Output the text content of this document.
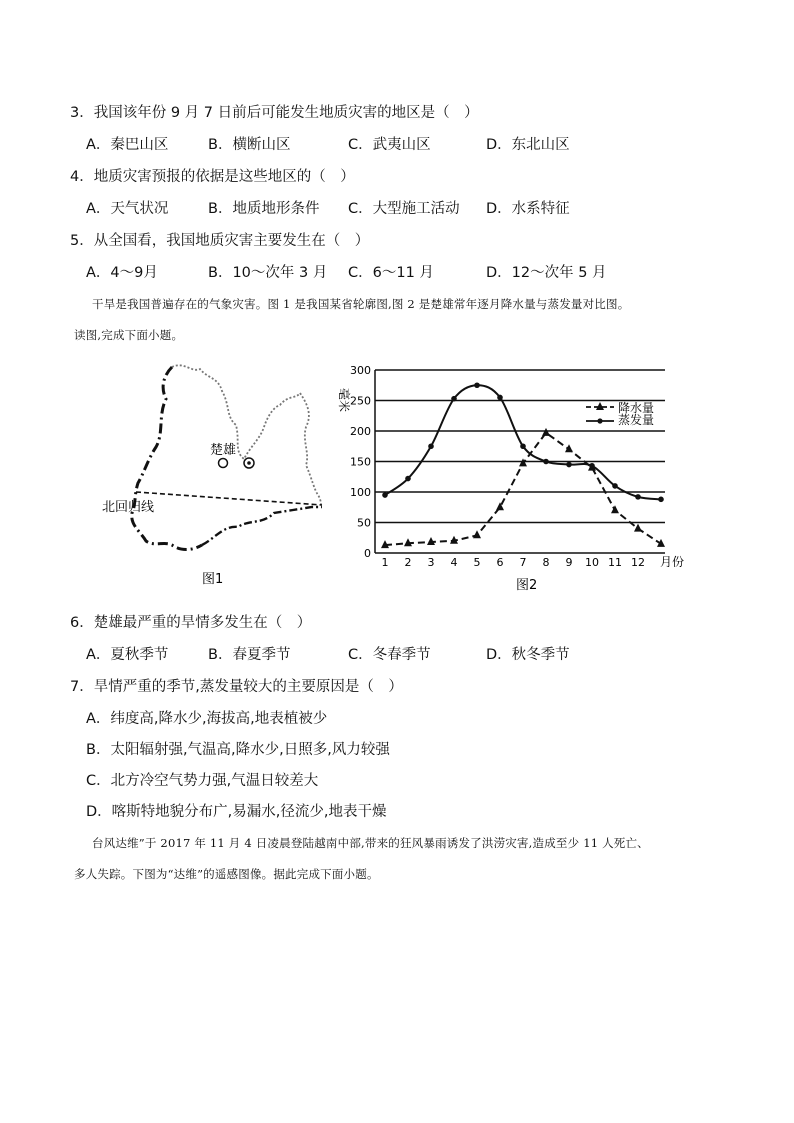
3．我国该年份 9 月 7 日前后可能发生地质灾害的地区是（　）
A．秦巴山区	B．横断山区	C．武夷山区	D．东北山区
4．地质灾害预报的依据是这些地区的（　）
A．天气状况	B．地质地形条件 C．大型施工活动 D．水系特征
5．从全国看，我国地质灾害主要发生在（　）
A．4～9月	B．10～次年 3 月 C．6～11 月	D．12～次年 5 月
干旱是我国普遍存在的气象灾害。图 1 是我国某省轮廓图,图 2 是楚雄常年逐月降水量与蒸发量对比图。
读图,完成下面小题。
楚雄
北回归线
图1
0
50
100
150
200
250
300
1 2 3 4 5 6 7 8 9 10 11 12
毫米
月份
降水量
蒸发量
图2
6．楚雄最严重的旱情多发生在（　）
A．夏秋季节	B．春夏季节	C．冬春季节	D．秋冬季节
7．旱情严重的季节,蒸发量较大的主要原因是（　）
A．纬度高,降水少,海拔高,地表植被少
B．太阳辐射强,气温高,降水少,日照多,风力较强
C．北方冷空气势力强,气温日较差大
D．喀斯特地貌分布广,易漏水,径流少,地表干燥
台风达维”于 2017 年 11 月 4 日凌晨登陆越南中部,带来的狂风暴雨诱发了洪涝灾害,造成至少 11 人死亡、
多人失踪。下图为“达维”的遥感图像。据此完成下面小题。
